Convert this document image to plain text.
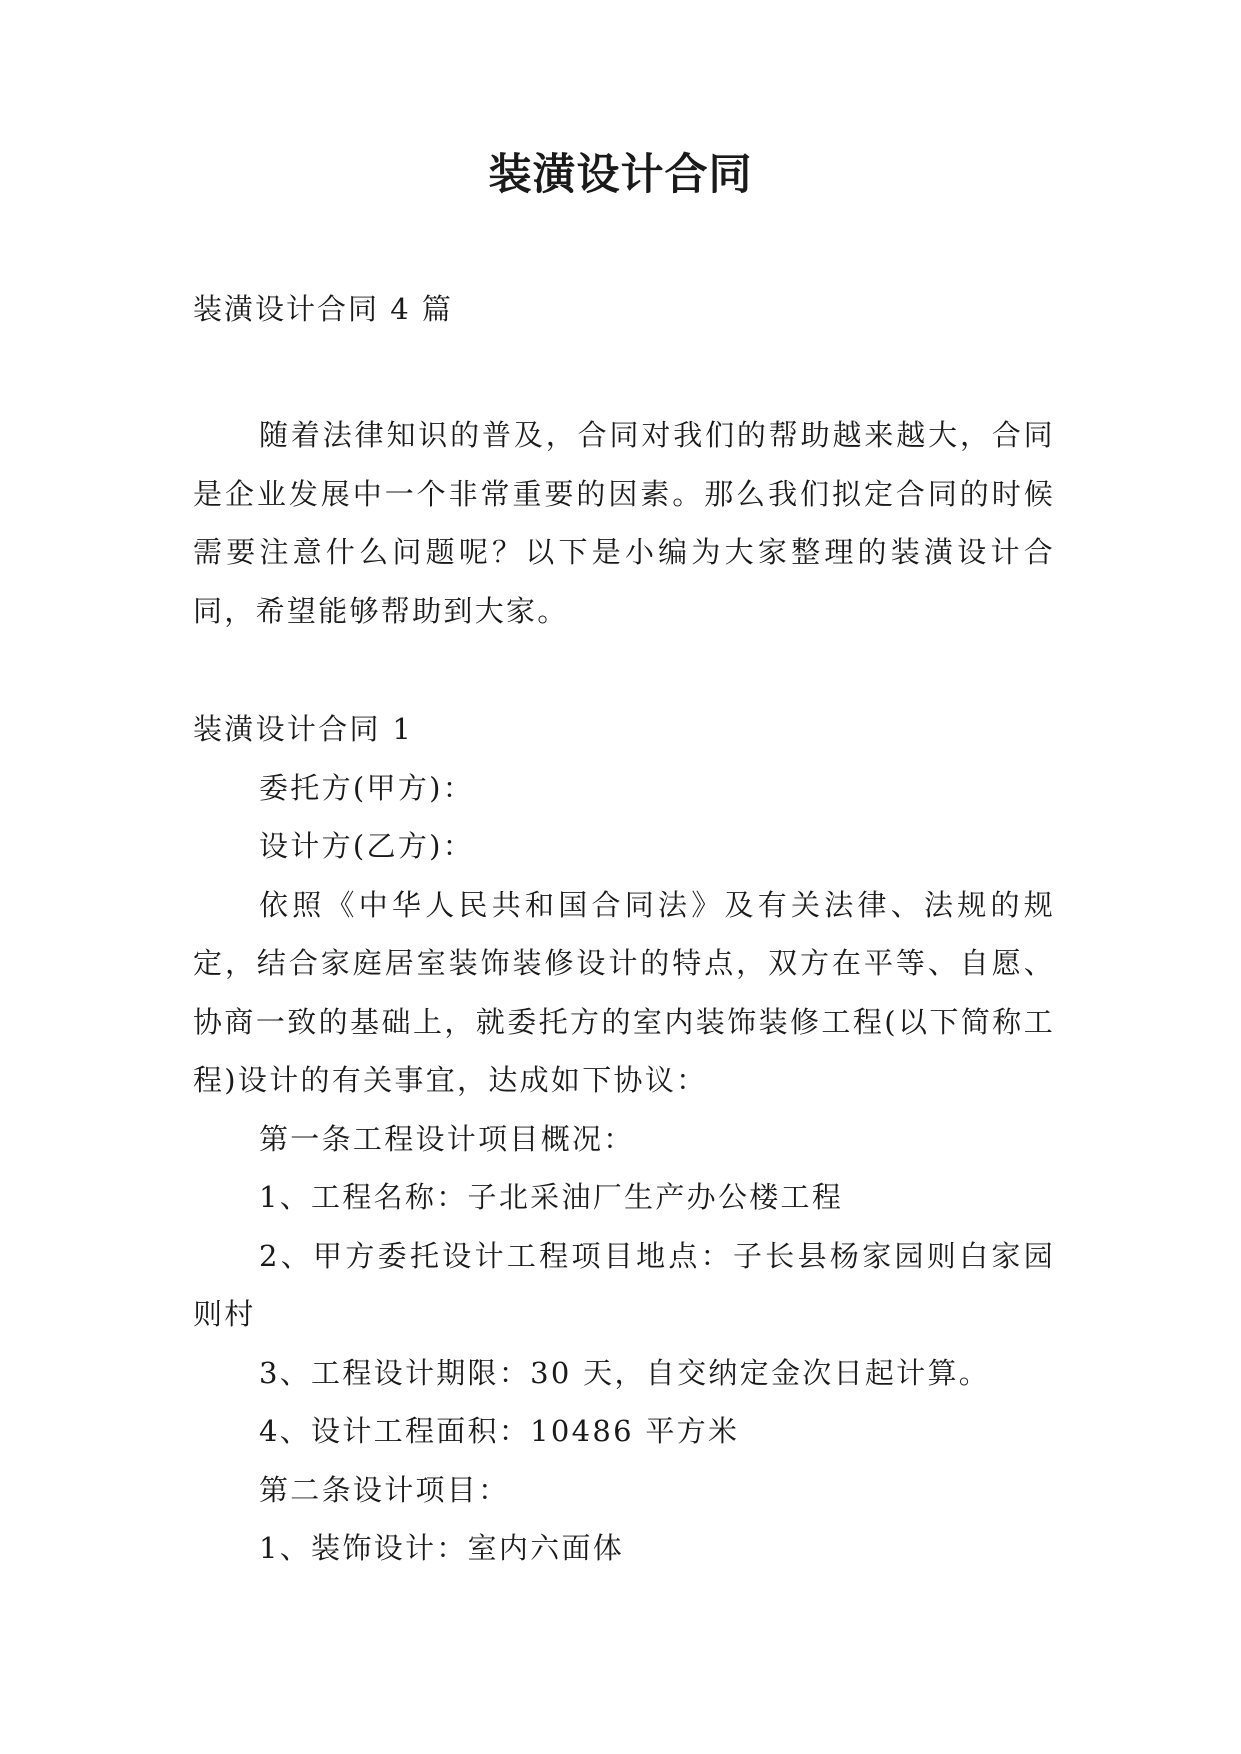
装潢设计合同
装潢设计合同 4 篇

随着法律知识的普及，合同对我们的帮助越来越大，合同是企业发展中一个非常重要的因素。那么我们拟定合同的时候需要注意什么问题呢？以下是小编为大家整理的装潢设计合同，希望能够帮助到大家。

装潢设计合同 1

委托方(甲方)：

设计方(乙方)：

依照《中华人民共和国合同法》及有关法律、法规的规定，结合家庭居室装饰装修设计的特点，双方在平等、自愿、协商一致的基础上，就委托方的室内装饰装修工程(以下简称工程)设计的有关事宜，达成如下协议：

第一条工程设计项目概况：

1、工程名称：子北采油厂生产办公楼工程

2、甲方委托设计工程项目地点：子长县杨家园则白家园则村

3、工程设计期限：30 天，自交纳定金次日起计算。

4、设计工程面积：10486 平方米

第二条设计项目：

1、装饰设计：室内六面体
